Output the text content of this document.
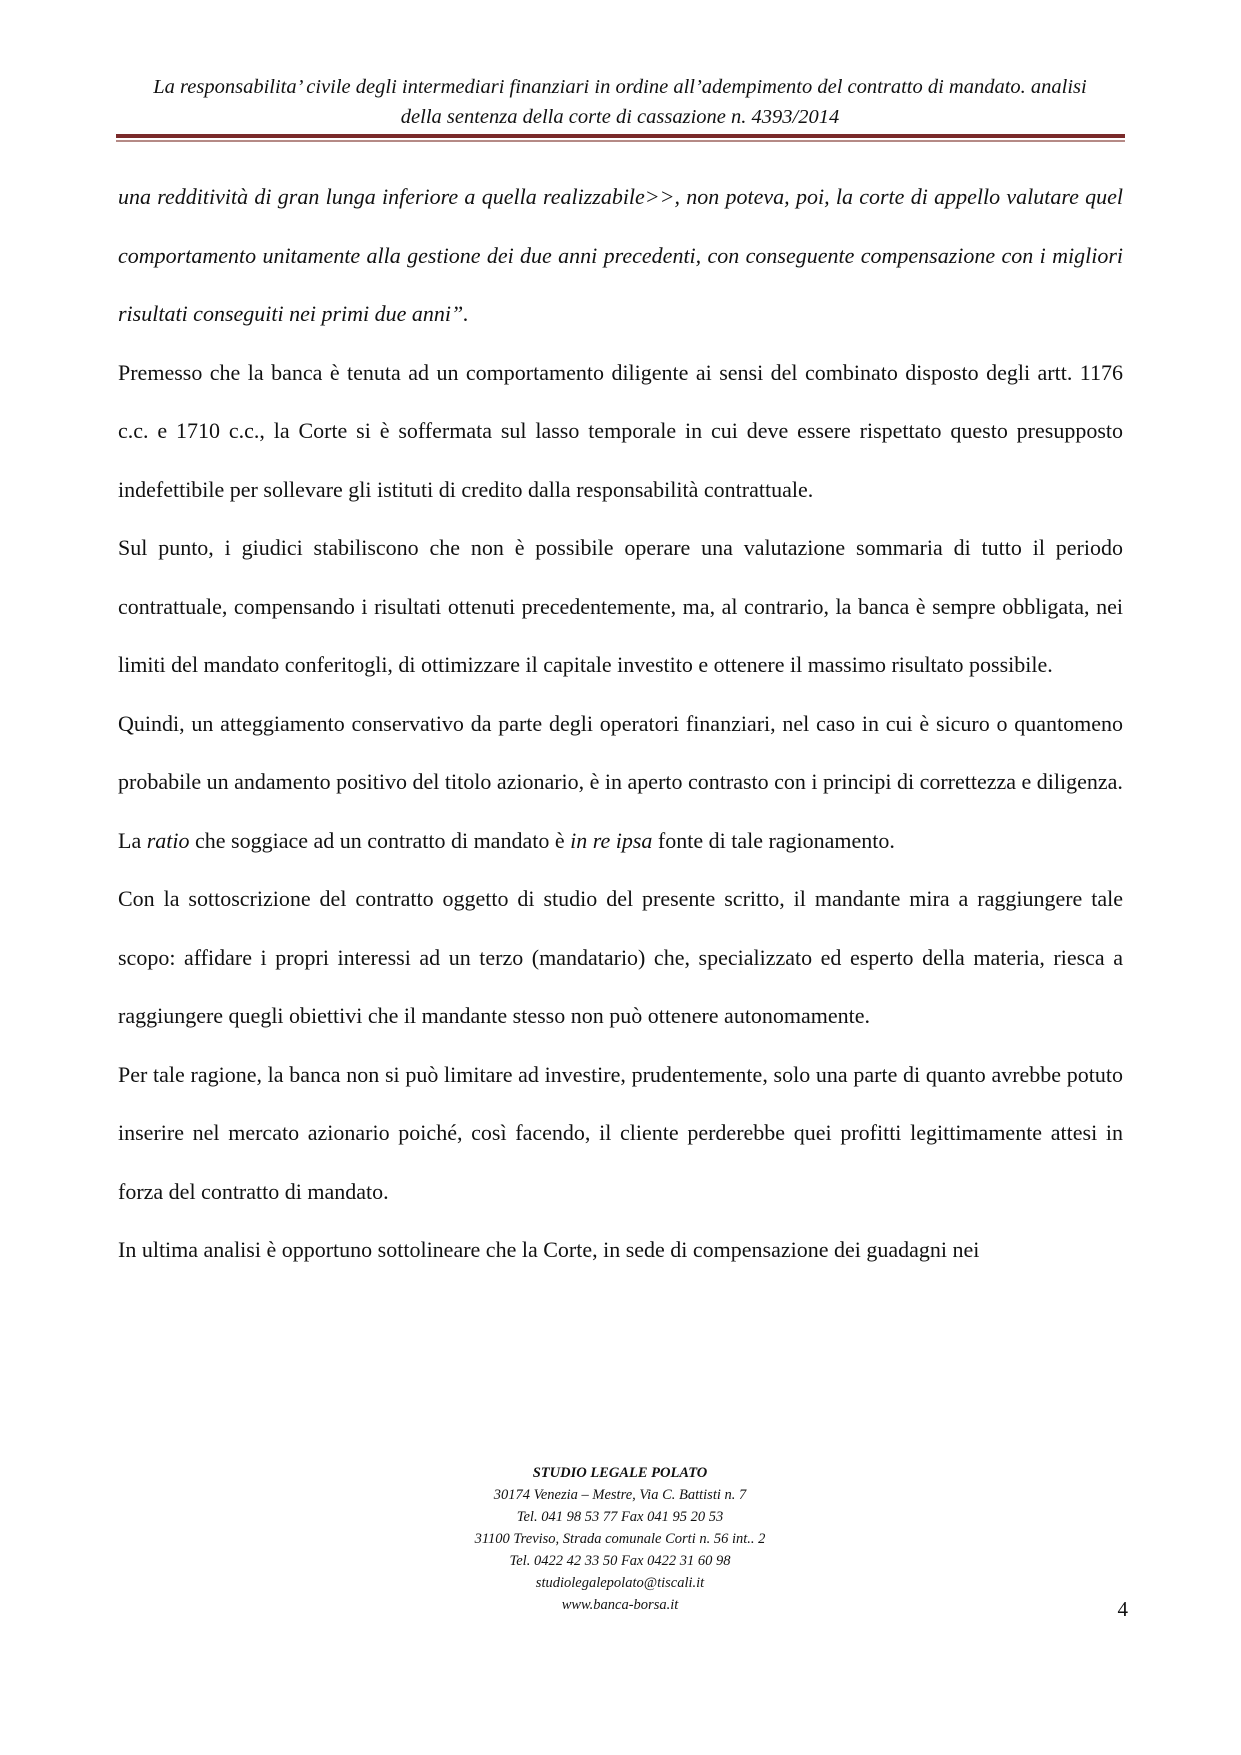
La responsabilita’ civile degli intermediari finanziari in ordine all’adempimento del contratto di mandato. analisi
della sentenza della corte di cassazione n. 4393/2014

una redditività di gran lunga inferiore a quella realizzabile>>, non poteva, poi, la corte di appello valutare quel comportamento unitamente alla gestione dei due anni precedenti, con conseguente compensazione con i migliori risultati conseguiti nei primi due anni”.

Premesso che la banca è tenuta ad un comportamento diligente ai sensi del combinato disposto degli artt. 1176 c.c. e 1710 c.c., la Corte si è soffermata sul lasso temporale in cui deve essere rispettato questo presupposto indefettibile per sollevare gli istituti di credito dalla responsabilità contrattuale.

Sul punto, i giudici stabiliscono che non è possibile operare una valutazione sommaria di tutto il periodo contrattuale, compensando i risultati ottenuti precedentemente, ma, al contrario, la banca è sempre obbligata, nei limiti del mandato conferitogli, di ottimizzare il capitale investito e ottenere il massimo risultato possibile.

Quindi, un atteggiamento conservativo da parte degli operatori finanziari, nel caso in cui è sicuro o quantomeno probabile un andamento positivo del titolo azionario, è in aperto contrasto con i principi di correttezza e diligenza.

La ratio che soggiace ad un contratto di mandato è in re ipsa fonte di tale ragionamento.

Con la sottoscrizione del contratto oggetto di studio del presente scritto, il mandante mira a raggiungere tale scopo: affidare i propri interessi ad un terzo (mandatario) che, specializzato ed esperto della materia, riesca a raggiungere quegli obiettivi che il mandante stesso non può ottenere autonomamente.

Per tale ragione, la banca non si può limitare ad investire, prudentemente, solo una parte di quanto avrebbe potuto inserire nel mercato azionario poiché, così facendo, il cliente perderebbe quei profitti legittimamente attesi in forza del contratto di mandato.

In ultima analisi è opportuno sottolineare che la Corte, in sede di compensazione dei guadagni nei

STUDIO LEGALE POLATO
30174 Venezia – Mestre, Via C. Battisti n. 7
Tel. 041 98 53 77 Fax 041 95 20 53
31100 Treviso, Strada comunale Corti n. 56 int.. 2
Tel. 0422 42 33 50 Fax 0422 31 60 98
studiolegalepolato@tiscali.it
www.banca-borsa.it	4
